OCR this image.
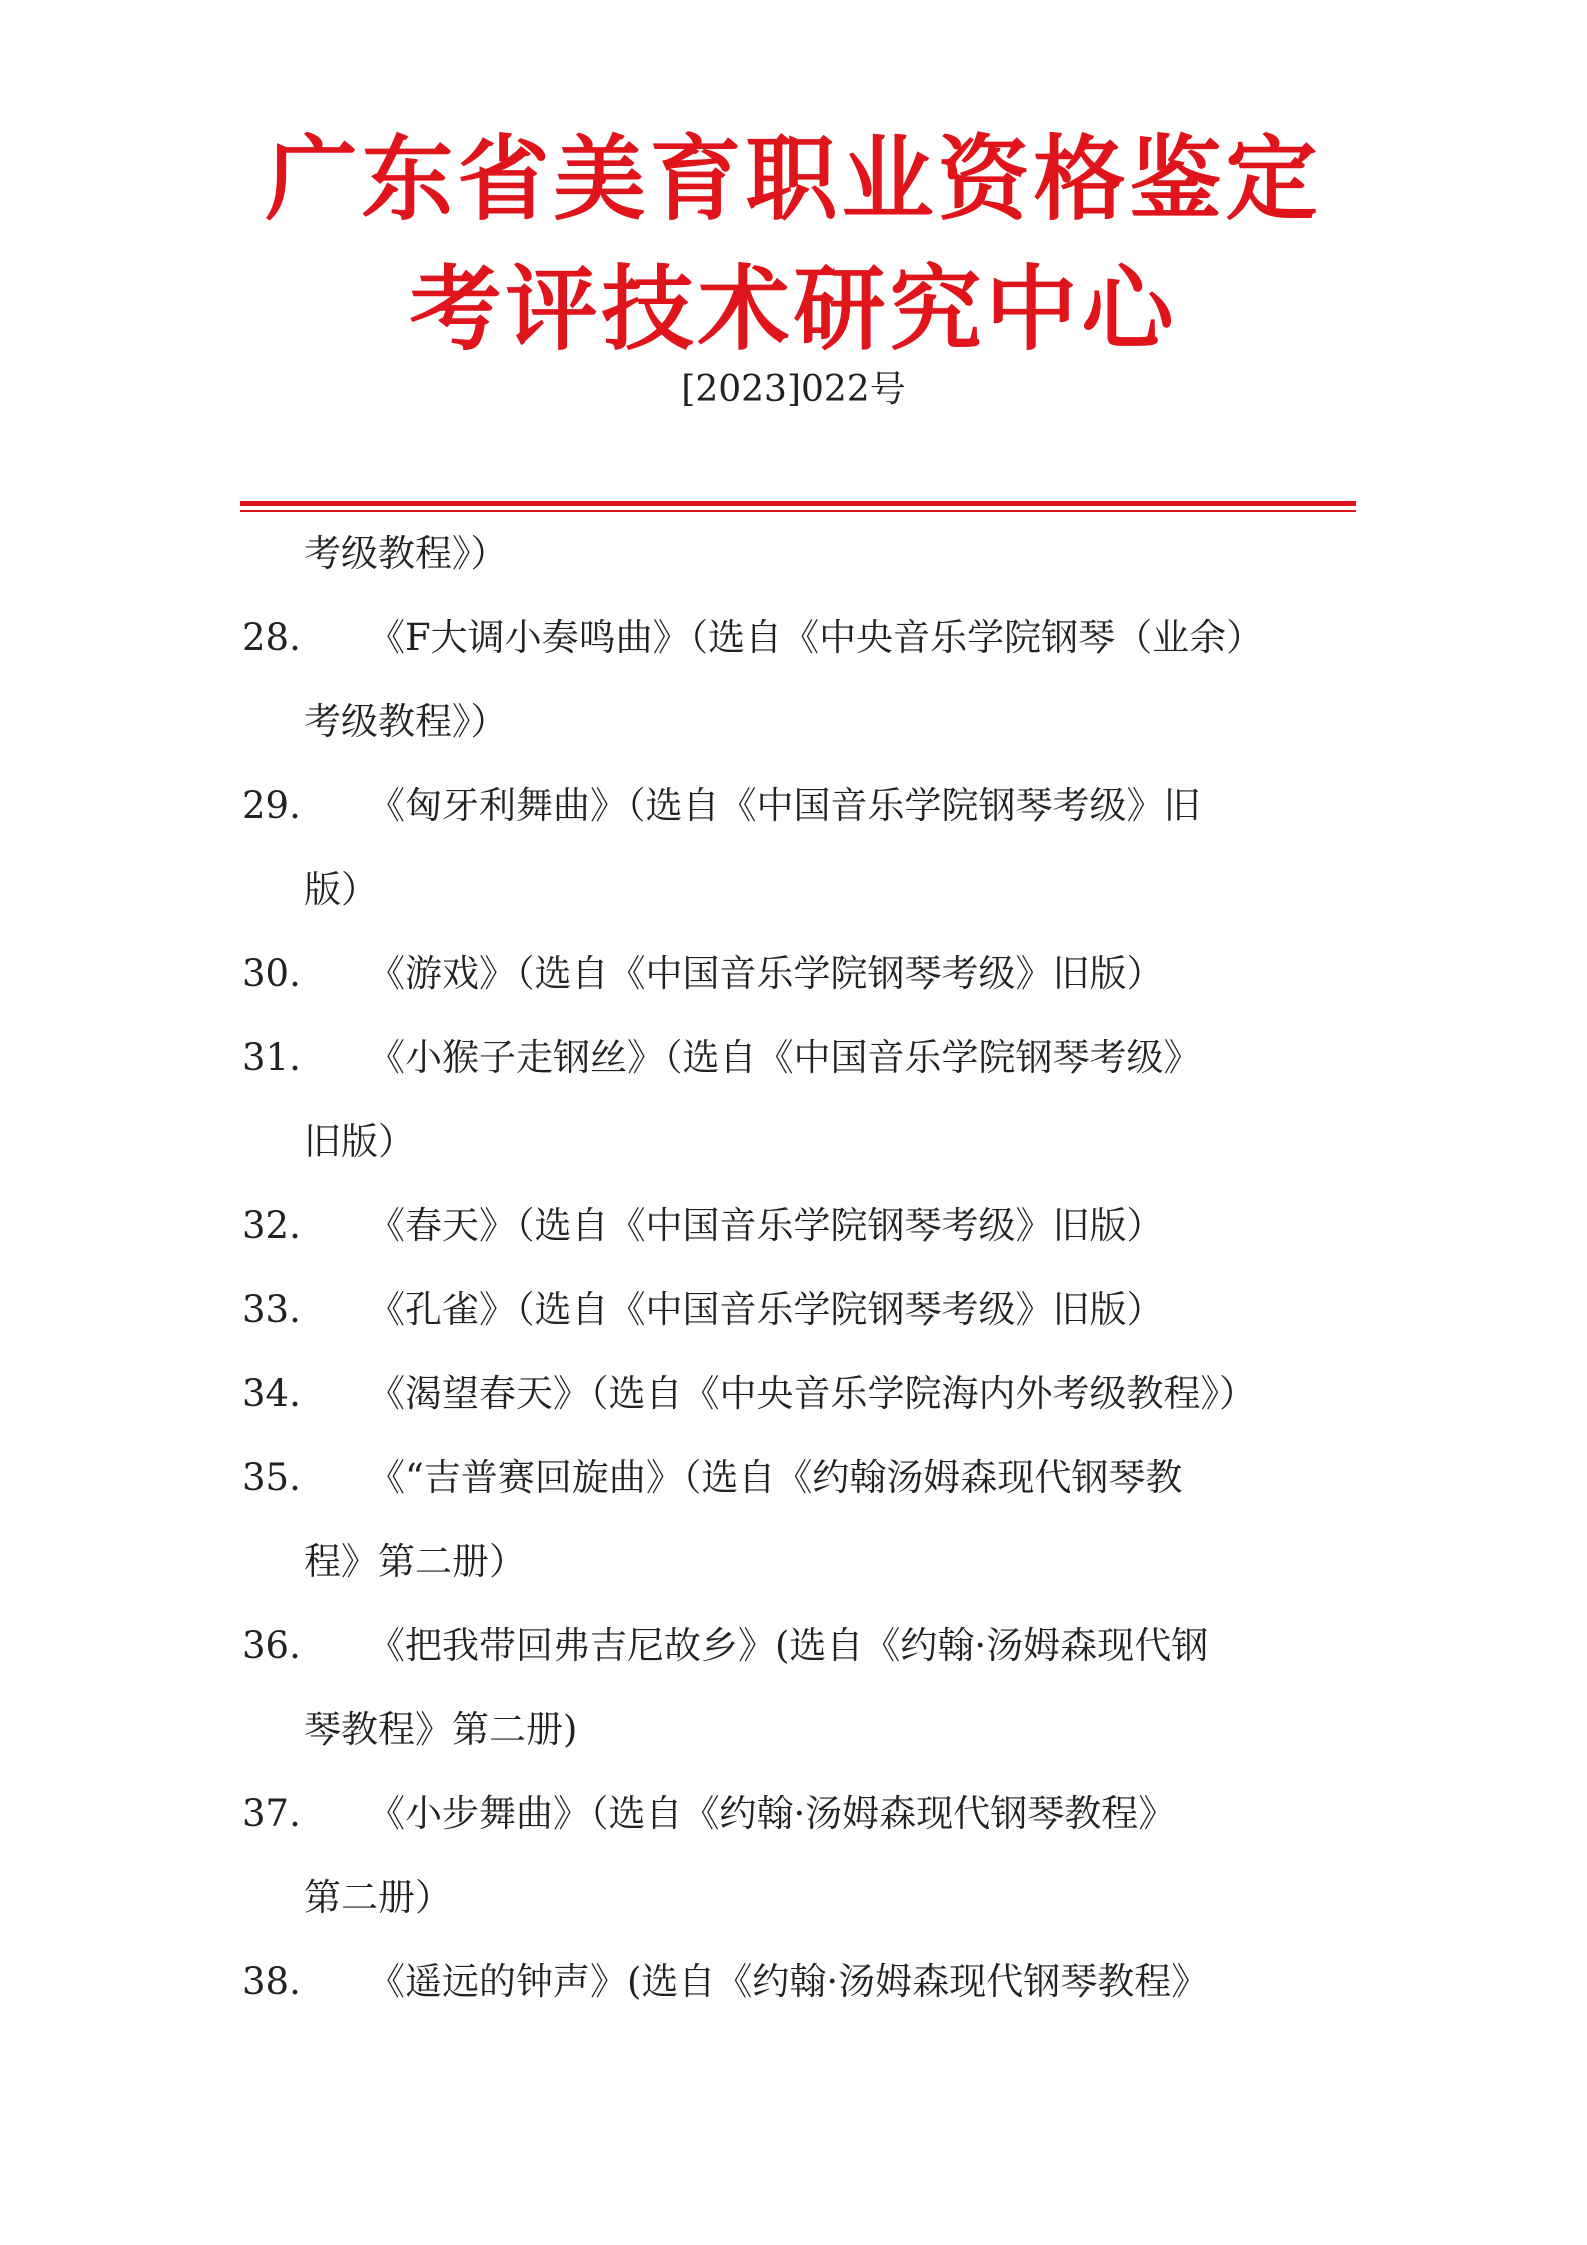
广东省美育职业资格鉴定
考评技术研究中心
[2023]022号
考级教程》）
28. 《F大调小奏鸣曲》（选自《中央音乐学院钢琴（业余）
考级教程》）
29. 《匈牙利舞曲》（选自《中国音乐学院钢琴考级》旧
版）
30. 《游戏》（选自《中国音乐学院钢琴考级》旧版）
31. 《小猴子走钢丝》（选自《中国音乐学院钢琴考级》
旧版）
32. 《春天》（选自《中国音乐学院钢琴考级》旧版）
33. 《孔雀》（选自《中国音乐学院钢琴考级》旧版）
34. 《渴望春天》（选自《中央音乐学院海内外考级教程》）
35. 《“吉普赛回旋曲》（选自《约翰汤姆森现代钢琴教
程》第二册）
36. 《把我带回弗吉尼故乡》(选自《约翰·汤姆森现代钢
琴教程》第二册)
37. 《小步舞曲》（选自《约翰·汤姆森现代钢琴教程》
第二册）
38. 《遥远的钟声》(选自《约翰·汤姆森现代钢琴教程》
